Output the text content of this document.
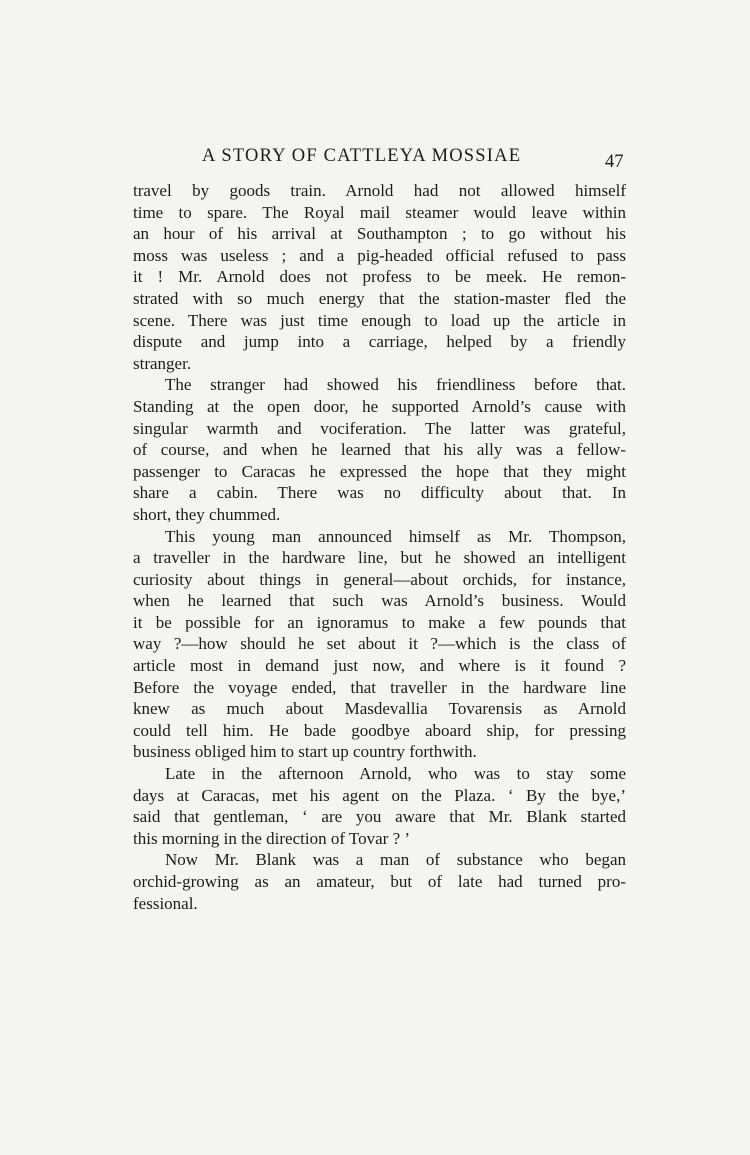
A STORY OF CATTLEYA MOSSIAE	47
travel by goods train. Arnold had not allowed himself
time to spare. The Royal mail steamer would leave within
an hour of his arrival at Southampton ; to go without his
moss was useless ; and a pig-headed official refused to pass
it ! Mr. Arnold does not profess to be meek. He remon-
strated with so much energy that the station-master fled the
scene. There was just time enough to load up the article in
dispute and jump into a carriage, helped by a friendly
stranger.
The stranger had showed his friendliness before that.
Standing at the open door, he supported Arnold’s cause with
singular warmth and vociferation. The latter was grateful,
of course, and when he learned that his ally was a fellow-
passenger to Caracas he expressed the hope that they might
share a cabin. There was no difficulty about that. In
short, they chummed.
This young man announced himself as Mr. Thompson,
a traveller in the hardware line, but he showed an intelligent
curiosity about things in general—about orchids, for instance,
when he learned that such was Arnold’s business. Would
it be possible for an ignoramus to make a few pounds that
way ?—how should he set about it ?—which is the class of
article most in demand just now, and where is it found ?
Before the voyage ended, that traveller in the hardware line
knew as much about Masdevallia Tovarensis as Arnold
could tell him. He bade goodbye aboard ship, for pressing
business obliged him to start up country forthwith.
Late in the afternoon Arnold, who was to stay some
days at Caracas, met his agent on the Plaza. ‘ By the bye,’
said that gentleman, ‘ are you aware that Mr. Blank started
this morning in the direction of Tovar ? ’
Now Mr. Blank was a man of substance who began
orchid-growing as an amateur, but of late had turned pro-
fessional.
